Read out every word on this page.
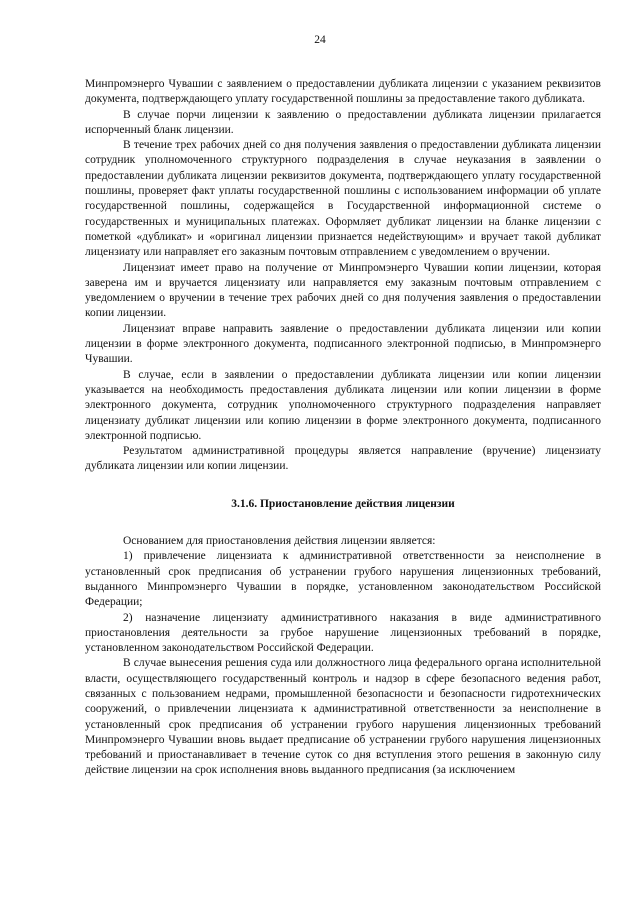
24

Минпромэнерго Чувашии с заявлением о предоставлении дубликата лицензии с указанием реквизитов документа, подтверждающего уплату государственной пошлины за предоставление такого дубликата.

В случае порчи лицензии к заявлению о предоставлении дубликата лицензии прилагается испорченный бланк лицензии.

В течение трех рабочих дней со дня получения заявления о предоставлении дубликата лицензии сотрудник уполномоченного структурного подразделения в случае неуказания в заявлении о предоставлении дубликата лицензии реквизитов документа, подтверждающего уплату государственной пошлины, проверяет факт уплаты государственной пошлины с использованием информации об уплате государственной пошлины, содержащейся в Государственной информационной системе о государственных и муниципальных платежах. Оформляет дубликат лицензии на бланке лицензии с пометкой «дубликат» и «оригинал лицензии признается недействующим» и вручает такой дубликат лицензиату или направляет его заказным почтовым отправлением с уведомлением о вручении.

Лицензиат имеет право на получение от Минпромэнерго Чувашии копии лицензии, которая заверена им и вручается лицензиату или направляется ему заказным почтовым отправлением с уведомлением о вручении в течение трех рабочих дней со дня получения заявления о предоставлении копии лицензии.

Лицензиат вправе направить заявление о предоставлении дубликата лицензии или копии лицензии в форме электронного документа, подписанного электронной подписью, в Минпромэнерго Чувашии.

В случае, если в заявлении о предоставлении дубликата лицензии или копии лицензии указывается на необходимость предоставления дубликата лицензии или копии лицензии в форме электронного документа, сотрудник уполномоченного структурного подразделения направляет лицензиату дубликат лицензии или копию лицензии в форме электронного документа, подписанного электронной подписью.

Результатом административной процедуры является направление (вручение) лицензиату дубликата лицензии или копии лицензии.

3.1.6. Приостановление действия лицензии

Основанием для приостановления действия лицензии является:

1) привлечение лицензиата к административной ответственности за неисполнение в установленный срок предписания об устранении грубого нарушения лицензионных требований, выданного Минпромэнерго Чувашии в порядке, установленном законодательством Российской Федерации;

2) назначение лицензиату административного наказания в виде административного приостановления деятельности за грубое нарушение лицензионных требований в порядке, установленном законодательством Российской Федерации.

В случае вынесения решения суда или должностного лица федерального органа исполнительной власти, осуществляющего государственный контроль и надзор в сфере безопасного ведения работ, связанных с пользованием недрами, промышленной безопасности и безопасности гидротехнических сооружений, о привлечении лицензиата к административной ответственности за неисполнение в установленный срок предписания об устранении грубого нарушения лицензионных требований Минпромэнерго Чувашии вновь выдает предписание об устранении грубого нарушения лицензионных требований и приостанавливает в течение суток со дня вступления этого решения в законную силу действие лицензии на срок исполнения вновь выданного предписания (за исключением
